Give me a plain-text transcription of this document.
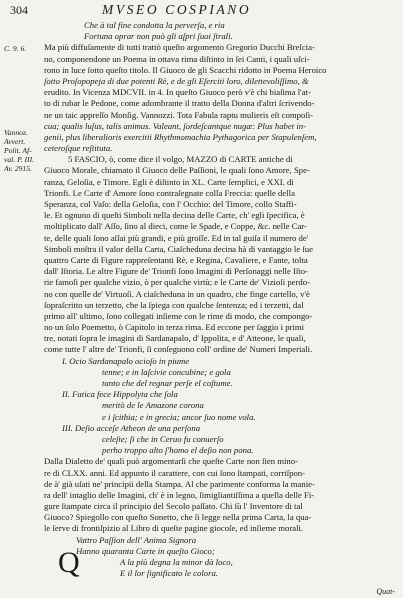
304	MVSEO COSPIANO
C. 9. 6.
Vannoz.
Avvert.
Polit. Af-
val. P. III.
Av. 2915.
Che à tal fine condotta la perverſa, e ria
Fortuna oprar non può gli aſpri ſuoi ſtrali.
Ma più diffuſamente di tutti trattò queſto argomento Gregorio Ducchi Breſcia-
no, componendone un Poema in ottava rima diſtinto in ſei Canti, i quali uſci-
rono in luce ſotto queſto titolo. Il Giuoco de gli Scacchi ridotto in Poema Heroico
ſotto Proſopopeja di due potenti Rè, e de gli Eſerciti loro, dilettevoliſſimo, &
erudito. In Vicenza MDCVII. in 4. In queſto Giuoco però v'è chi biaſima l'at-
to di rubar le Pedone, come adombrante il tratto della Donna d'altri ſcrivendo-
ne un taic appreſſo Monſig. Vannozzi. Tota Fabula raptu mulieris eſt compoſi-
cua; qualis luſus, talis animus. Valeant, ſordeſcantque nugæ: Plus habet in-
genii, plus liberalioris exercitii Rhythmomachia Pythagorica per Stapulenſem,
ceteroſque reſtituta.
5 FASCIO, ò, come dice il volgo, MAZZO di CARTE antiche di
Giuoco Morale, chiamato il Giuoco delle Paſſioni, le quali ſono Amore, Spe-
ranza, Geloſia, e Timore. Egli è diſtinto in XL. Carte ſemplici, e XXI. di
Trionfi. Le Carte d' Amore ſono contraſegnate colla Freccia: quelle della
Speranza, col Vaſo: della Geloſia, con l' Occhio: del Timore, collo Staffi-
le. Et ognuno di queſti Simboli nella decina delle Carte, ch' egli ſpecifica, è
moltiplicato dall' Aſſo, ſino al dieci, come le Spade, e Coppe, &c. nelle Car-
te, delle quali ſono aſſai più grandi, e più groſſe. Ed in tal guiſa il numero de'
Simboli moſtra il valor della Carta, Ciaſcheduna decina hà di vantaggio le ſue
quattro Carte di Figure rappreſentanti Rè, e Regina, Cavaliere, e Fante, tolta
dall' Iſtoria. Le altre Figure de' Trionfi ſono Imagini di Perſonaggi nelle Iſto-
rie famoſi per qualche vizio, ò per qualche virtù; e le Carte de' Vizioſi perdo-
no con quelle de' Virtuoſi. A ciaſcheduna in un quadro, che finge cartello, v'è
ſopraſcritto un terzetto, che la ſpiega con qualche ſentenza; ed i terzetti, dal
primo all' ultimo, ſono collegati inſieme con le rime di modo, che compongo-
no un ſolo Poemetto, ò Capitolo in terza rima. Ed eccone per ſaggio i primi
tre, notati ſopra le imagini di Sardanapalo, d' Ippolita, e d' Atteone, le quali,
come tutte l' altre de' Trionfi, ſi conſeguono coll' ordine de' Numeri Imperiali.
I. Ocio Sardanapalo ocioſo in piume
tenne; e in laſcivie concubine; e gola
tanto che del regnar perſe el coſtume.
II. Fatica fece Hippolyta che ſola
meritò de le Amazone corona
e i ſcithia; e in grecia; ancor ſuo nome vola.
III. Deſio acceſe Atheon de una perſona
celeſte; ſi che in Ceruo fu conuerſo
perho troppo alto ſ'homo el deſio non pona.
Dalla Dialetto de' quali può argomentarſi che queſte Carte non ſien mino-
re di CLXX. anni. Ed appunto il carattere, con cui ſono ſtampati, corriſpon-
de à' già uſati ne' principii della Stampa. Al che parimente conforma la manie-
ra dell' intaglio delle Imagini, ch' è in legno, ſimigliantiſſima a quella delle Fi-
gure ſtampate circa il principio del Secolo paſſato. Chi ſù l' Inventore di tal
Giuoco? Spiegollo con queſto Sonetto, che ſi legge nella prima Carta, la qua-
le ſerve di frontiſpizio al Libro di queſte pagine giocoſe, ed inſieme morali.
Vattro Paſſion dell' Anima Signora
Hanno quaranta Carte in queſto Gioco;
A la più degna la minor dà loco,
E il lor ſignificato le colora.
Q
Quat-
